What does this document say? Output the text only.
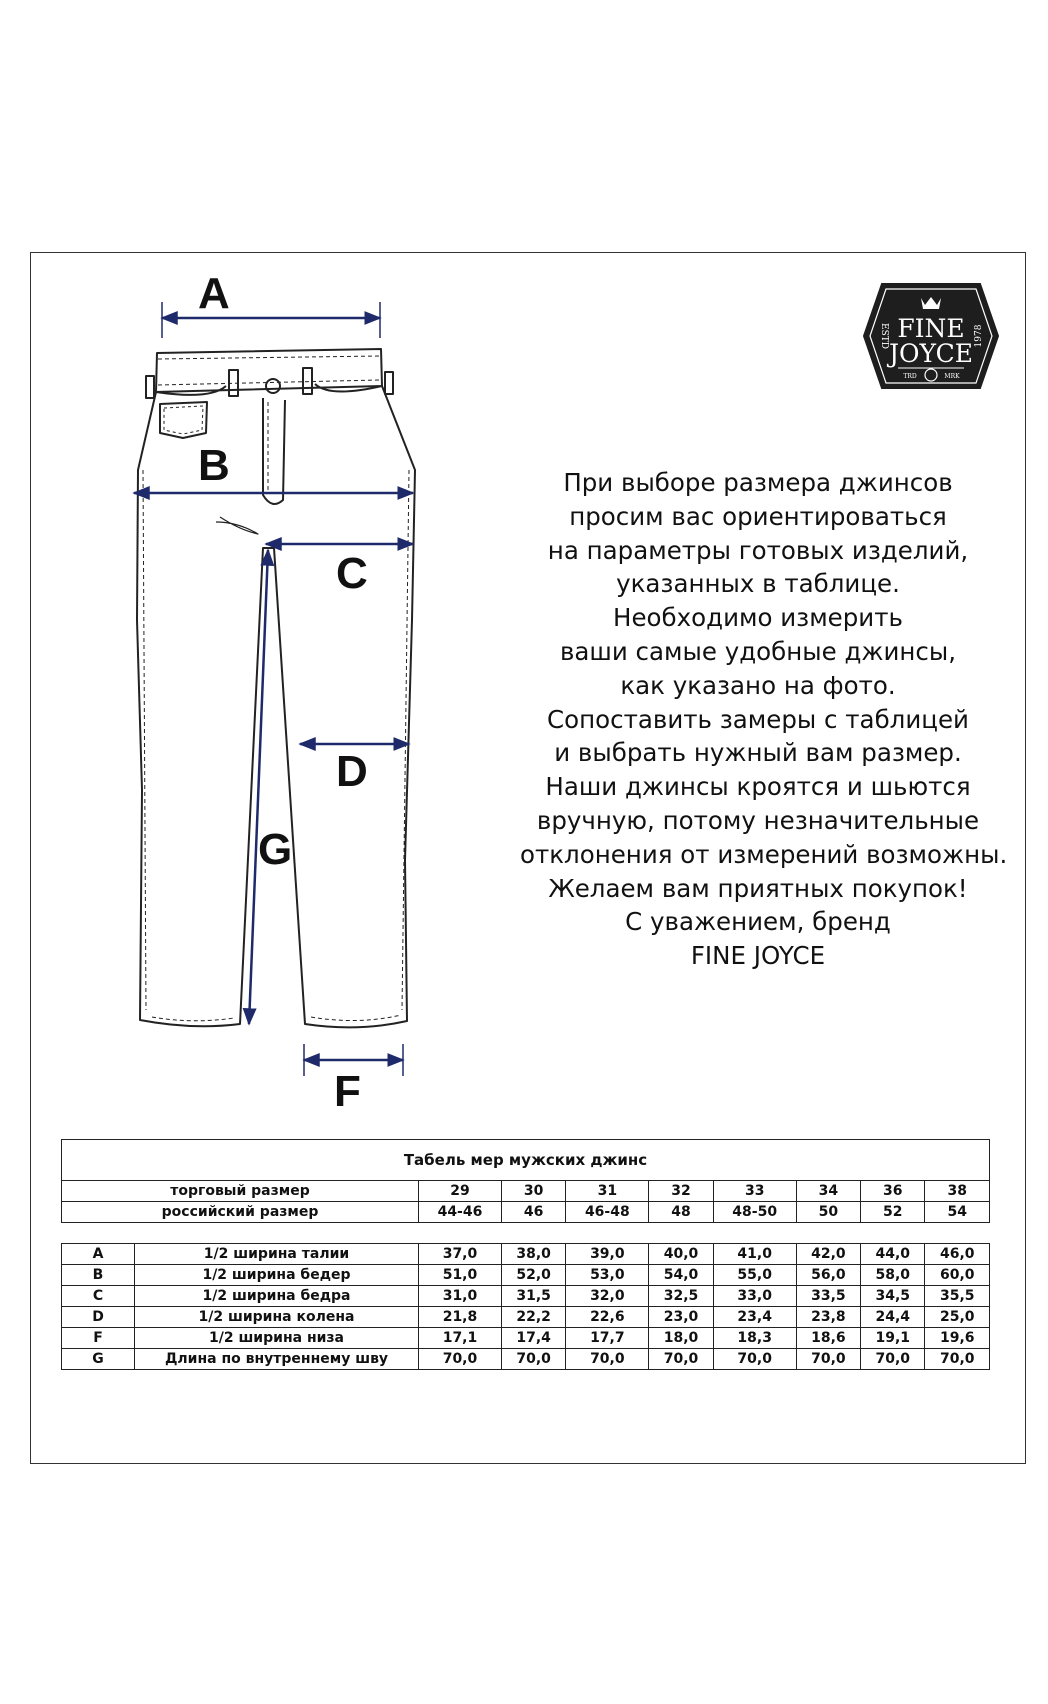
A
B
C
D
G
F
FINE
JOYCE
ESTD	1978
TRD	MRK

При выборе размера джинсов

просим вас ориентироваться

на параметры готовых изделий,

указанных в таблице.

Необходимо измерить

ваши самые удобные джинсы,

как указано на фото.

Сопоставить замеры с таблицей

и выбрать нужный вам размер.

Наши джинсы кроятся и шьются

вручную, потому незначительные

отклонения от измерений возможны.

Желаем вам приятных покупок!

С уважением, бренд

FINE JOYCE

Табель мер мужских джинс									
торговый размер		29	30	31	32	33	34	36	38
российский размер		44-46	46	46-48	48	48-50	50	52	54

A	1/2 ширина талии	37,0	38,0	39,0	40,0	41,0	42,0	44,0	46,0
B	1/2 ширина бедер	51,0	52,0	53,0	54,0	55,0	56,0	58,0	60,0
C	1/2 ширина бедра	31,0	31,5	32,0	32,5	33,0	33,5	34,5	35,5
D	1/2 ширина колена	21,8	22,2	22,6	23,0	23,4	23,8	24,4	25,0
F	1/2 ширина низа	17,1	17,4	17,7	18,0	18,3	18,6	19,1	19,6
G	Длина по внутреннему шву	70,0	70,0	70,0	70,0	70,0	70,0	70,0	70,0
